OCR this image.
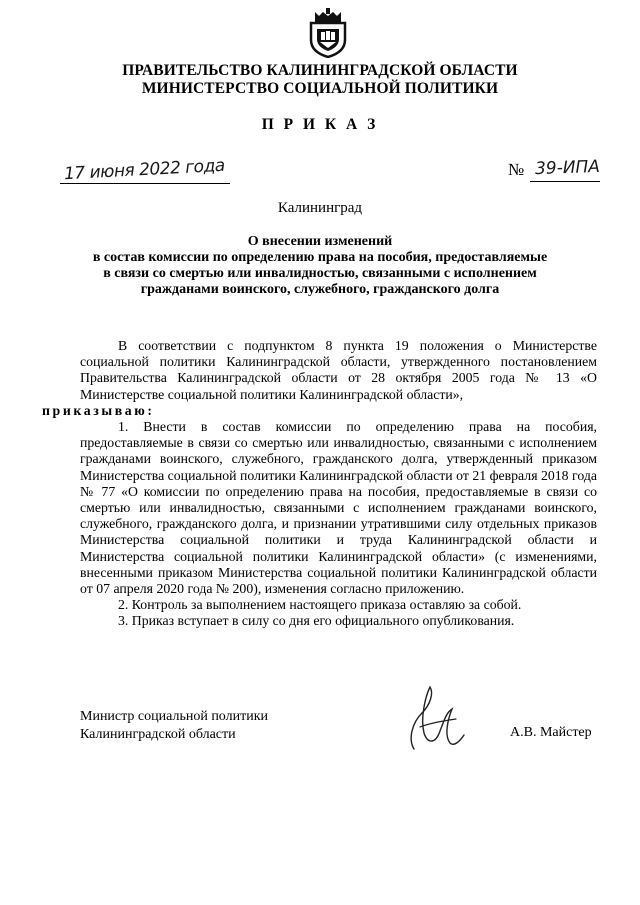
ПРАВИТЕЛЬСТВО КАЛИНИНГРАДСКОЙ ОБЛАСТИ
МИНИСТЕРСТВО СОЦИАЛЬНОЙ ПОЛИТИКИ
П Р И К А З
17 июня 2022 года	№ 39-ИПА
Калининград
О внесении изменений
в состав комиссии по определению права на пособия, предоставляемые
в связи со смертью или инвалидностью, связанными с исполнением
гражданами воинского, служебного, гражданского долга

В соответствии с подпунктом 8 пункта 19 положения о Министерстве социальной политики Калининградской области, утвержденного постановлением Правительства Калининградской области от 28 октября 2005 года № 13 «О Министерстве социальной политики Калининградской области»,
приказываю:

1. Внести в состав комиссии по определению права на пособия, предоставляемые в связи со смертью или инвалидностью, связанными с исполнением гражданами воинского, служебного, гражданского долга, утвержденный приказом Министерства социальной политики Калининградской области от 21 февраля 2018 года № 77 «О комиссии по определению права на пособия, предоставляемые в связи со смертью или инвалидностью, связанными с исполнением гражданами воинского, служебного, гражданского долга, и признании утратившими силу отдельных приказов Министерства социальной политики и труда Калининградской области и Министерства социальной политики Калининградской области» (с изменениями, внесенными приказом Министерства социальной политики Калининградской области от 07 апреля 2020 года № 200), изменения согласно приложению.

2. Контроль за выполнением настоящего приказа оставляю за собой.

3. Приказ вступает в силу со дня его официального опубликования.

Министр социальной политики
Калининградской области	А.В. Майстер
